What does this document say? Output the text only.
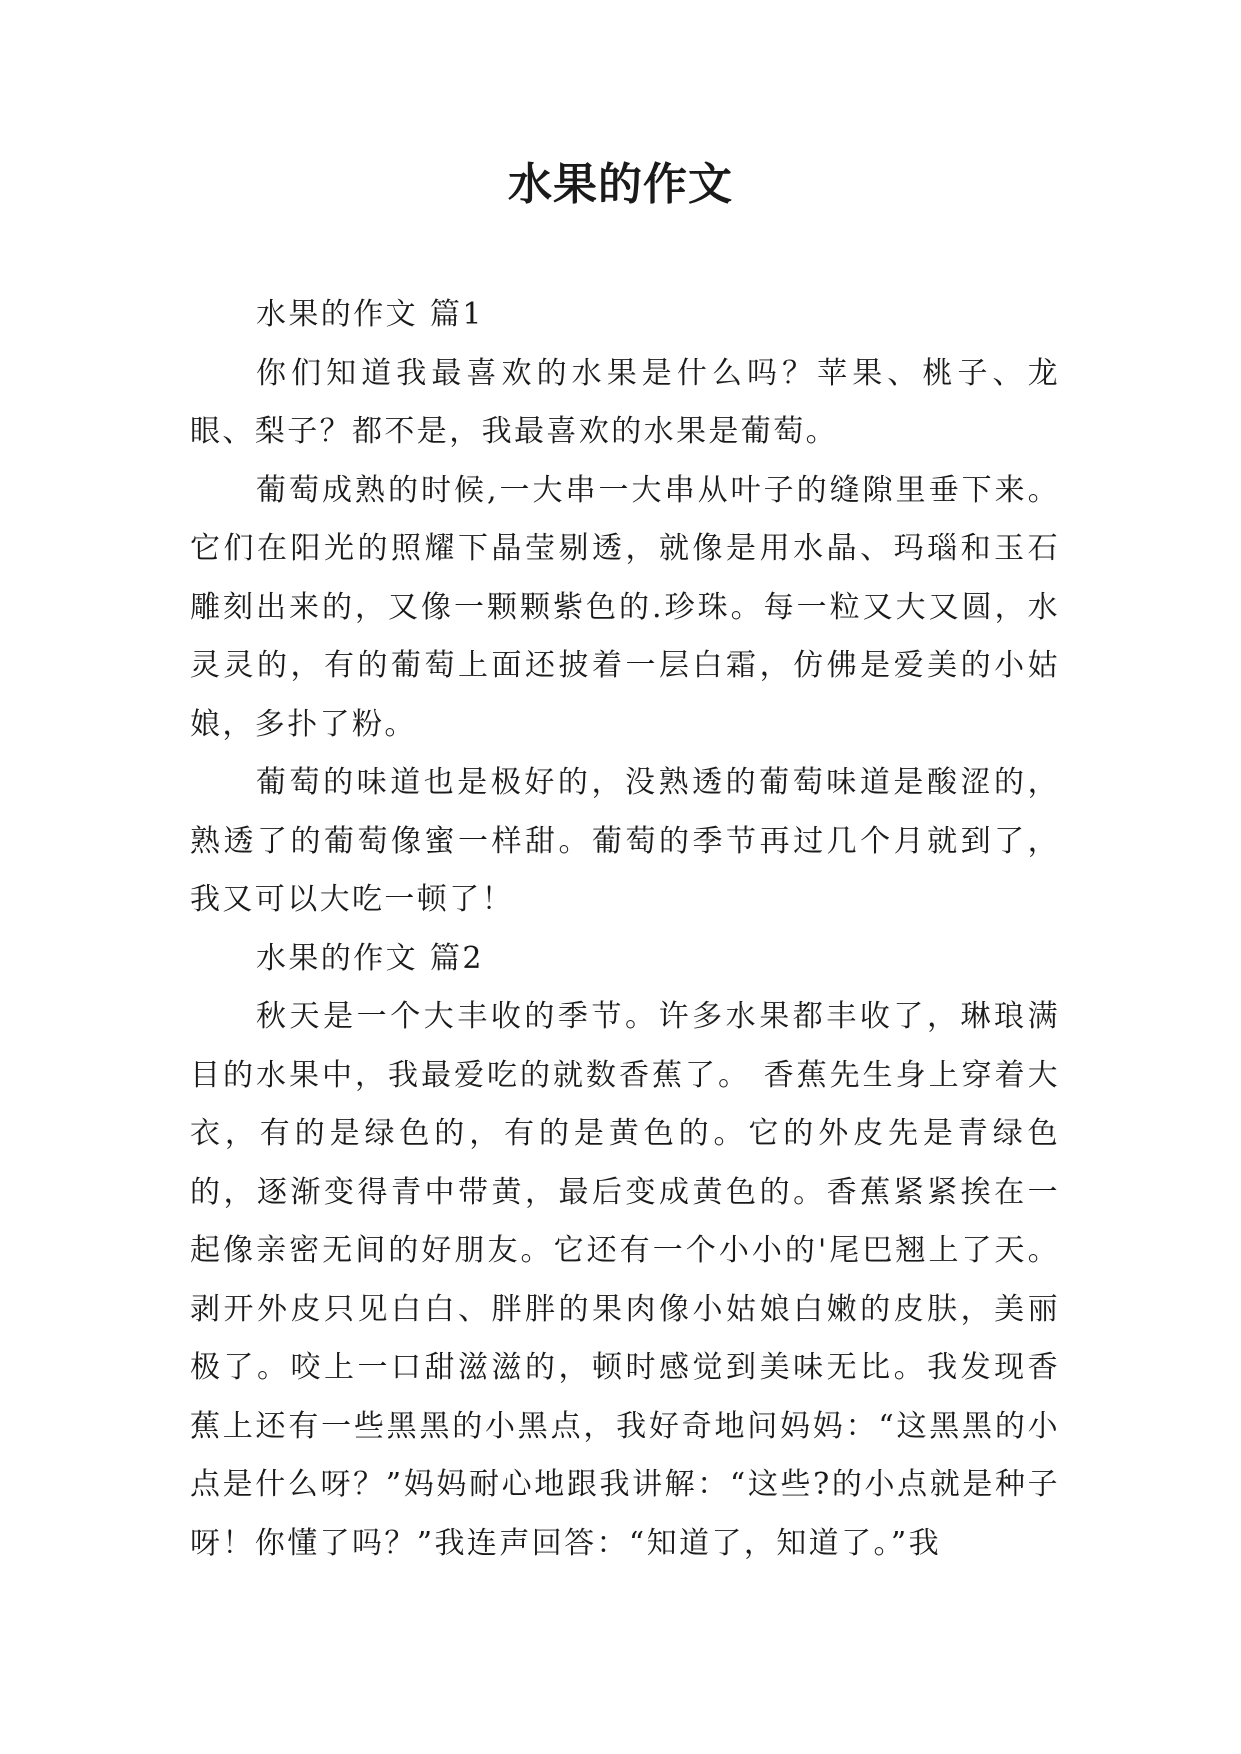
水果的作文

水果的作文 篇1

你们知道我最喜欢的水果是什么吗？苹果、桃子、龙眼、梨子？都不是，我最喜欢的水果是葡萄。

葡萄成熟的时候,一大串一大串从叶子的缝隙里垂下来。它们在阳光的照耀下晶莹剔透，就像是用水晶、玛瑙和玉石雕刻出来的，又像一颗颗紫色的.珍珠。每一粒又大又圆，水灵灵的，有的葡萄上面还披着一层白霜，仿佛是爱美的小姑娘，多扑了粉。

葡萄的味道也是极好的，没熟透的葡萄味道是酸涩的，熟透了的葡萄像蜜一样甜。葡萄的季节再过几个月就到了，我又可以大吃一顿了！

水果的作文 篇2

秋天是一个大丰收的季节。许多水果都丰收了，琳琅满目的水果中，我最爱吃的就数香蕉了。 香蕉先生身上穿着大衣，有的是绿色的，有的是黄色的。它的外皮先是青绿色的，逐渐变得青中带黄，最后变成黄色的。香蕉紧紧挨在一起像亲密无间的好朋友。它还有一个小小的'尾巴翘上了天。剥开外皮只见白白、胖胖的果肉像小姑娘白嫩的皮肤，美丽极了。咬上一口甜滋滋的，顿时感觉到美味无比。我发现香蕉上还有一些黑黑的小黑点，我好奇地问妈妈：“这黑黑的小点是什么呀？”妈妈耐心地跟我讲解：“这些?的小点就是种子呀！你懂了吗？”我连声回答：“知道了，知道了。”我
